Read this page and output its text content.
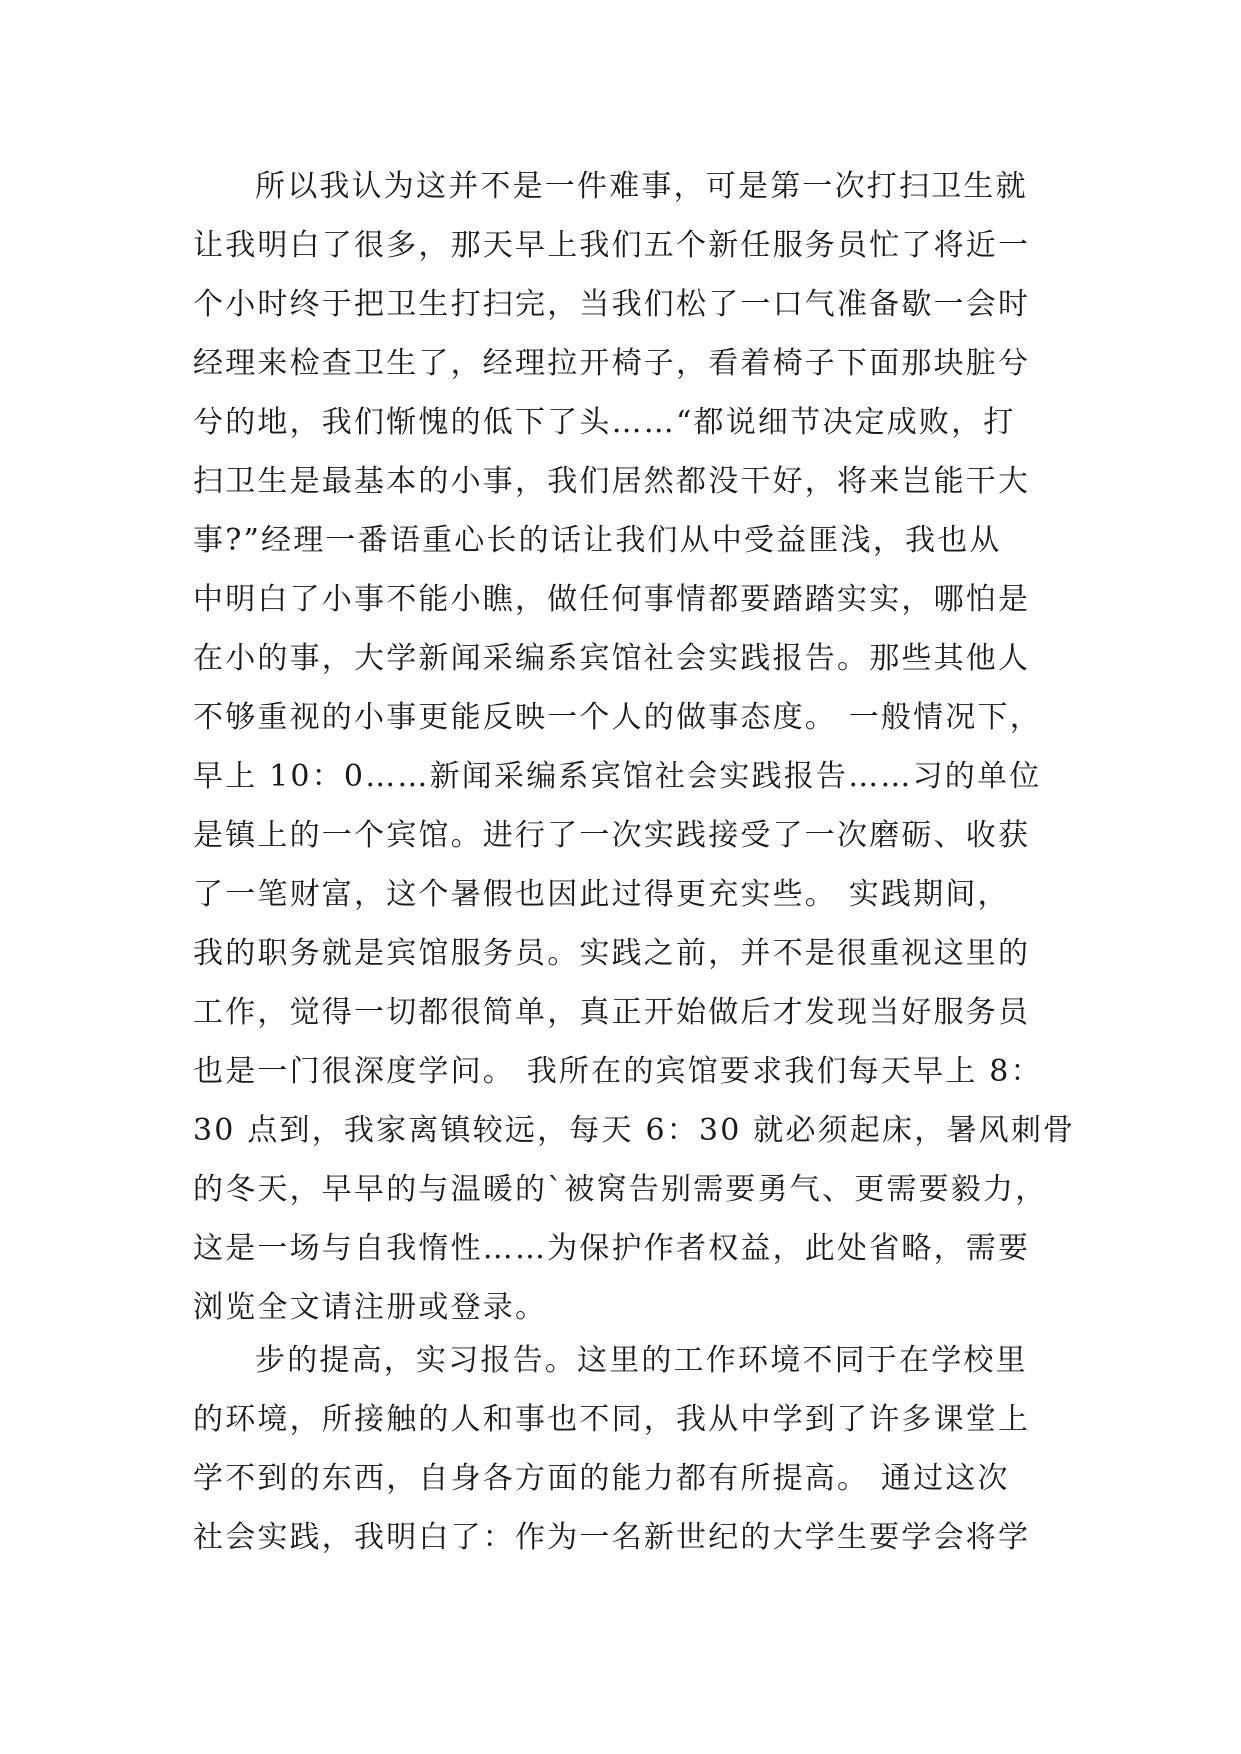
所以我认为这并不是一件难事，可是第一次打扫卫生就
让我明白了很多，那天早上我们五个新任服务员忙了将近一
个小时终于把卫生打扫完，当我们松了一口气准备歇一会时
经理来检查卫生了，经理拉开椅子，看着椅子下面那块脏兮
兮的地，我们惭愧的低下了头……“都说细节决定成败，打
扫卫生是最基本的小事，我们居然都没干好，将来岂能干大
事?”经理一番语重心长的话让我们从中受益匪浅，我也从
中明白了小事不能小瞧，做任何事情都要踏踏实实，哪怕是
在小的事，大学新闻采编系宾馆社会实践报告。那些其他人
不够重视的小事更能反映一个人的做事态度。 一般情况下，
早上 10：0……新闻采编系宾馆社会实践报告……习的单位
是镇上的一个宾馆。进行了一次实践接受了一次磨砺、收获
了一笔财富，这个暑假也因此过得更充实些。 实践期间，
我的职务就是宾馆服务员。实践之前，并不是很重视这里的
工作，觉得一切都很简单，真正开始做后才发现当好服务员
也是一门很深度学问。 我所在的宾馆要求我们每天早上 8：
30 点到，我家离镇较远，每天 6：30 就必须起床，暑风刺骨
的冬天，早早的与温暖的`被窝告别需要勇气、更需要毅力，
这是一场与自我惰性……为保护作者权益，此处省略，需要
浏览全文请注册或登录。
步的提高，实习报告。这里的工作环境不同于在学校里
的环境，所接触的人和事也不同，我从中学到了许多课堂上
学不到的东西，自身各方面的能力都有所提高。 通过这次
社会实践，我明白了：作为一名新世纪的大学生要学会将学
